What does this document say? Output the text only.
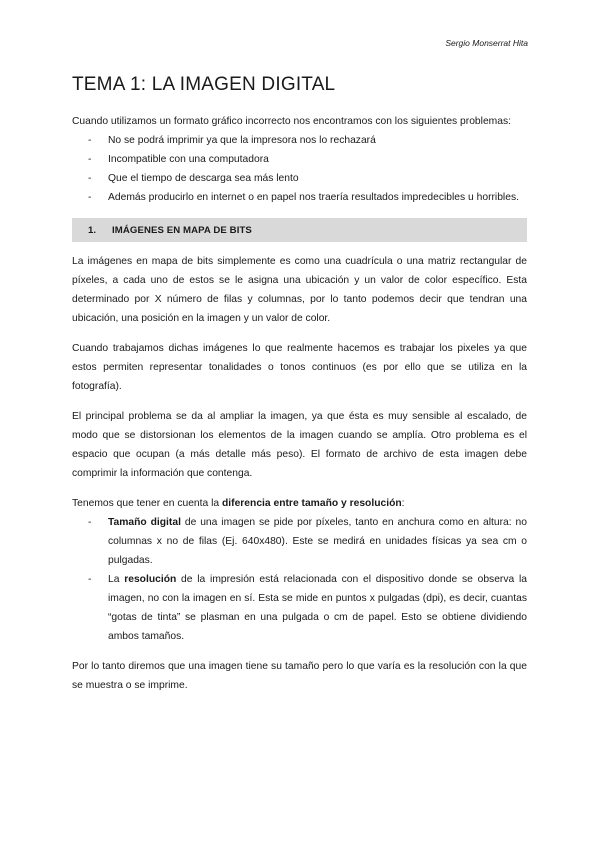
Sergio Monserrat Hita
TEMA 1: LA IMAGEN DIGITAL

Cuando utilizamos un formato gráfico incorrecto nos encontramos con los siguientes problemas:

- No se podrá imprimir ya que la impresora nos lo rechazará
- Incompatible con una computadora
- Que el tiempo de descarga sea más lento
- Además producirlo en internet o en papel nos traería resultados impredecibles u horribles.
1.	IMÁGENES EN MAPA DE BITS

La imágenes en mapa de bits simplemente es como una cuadrícula o una matriz rectangular de píxeles, a cada uno de estos se le asigna una ubicación y un valor de color específico. Esta determinado por X número de filas y columnas, por lo tanto podemos decir que tendran una ubicación, una posición en la imagen y un valor de color.

Cuando trabajamos dichas imágenes lo que realmente hacemos es trabajar los pixeles ya que estos permiten representar tonalidades o tonos continuos (es por ello que se utiliza en la fotografía).

El principal problema se da al ampliar la imagen, ya que ésta es muy sensible al escalado, de modo que se distorsionan los elementos de la imagen cuando se amplía. Otro problema es el espacio que ocupan (a más detalle más peso). El formato de archivo de esta imagen debe comprimir la información que contenga.

Tenemos que tener en cuenta la diferencia entre tamaño y resolución:

- Tamaño digital de una imagen se pide por píxeles, tanto en anchura como en altura: no columnas x no de filas (Ej. 640x480). Este se medirá en unidades físicas ya sea cm o pulgadas.
- La resolución de la impresión está relacionada con el dispositivo donde se observa la imagen, no con la imagen en sí. Esta se mide en puntos x pulgadas (dpi), es decir, cuantas “gotas de tinta” se plasman en una pulgada o cm de papel. Esto se obtiene dividiendo ambos tamaños.

Por lo tanto diremos que una imagen tiene su tamaño pero lo que varía es la resolución con la que se muestra o se imprime.
